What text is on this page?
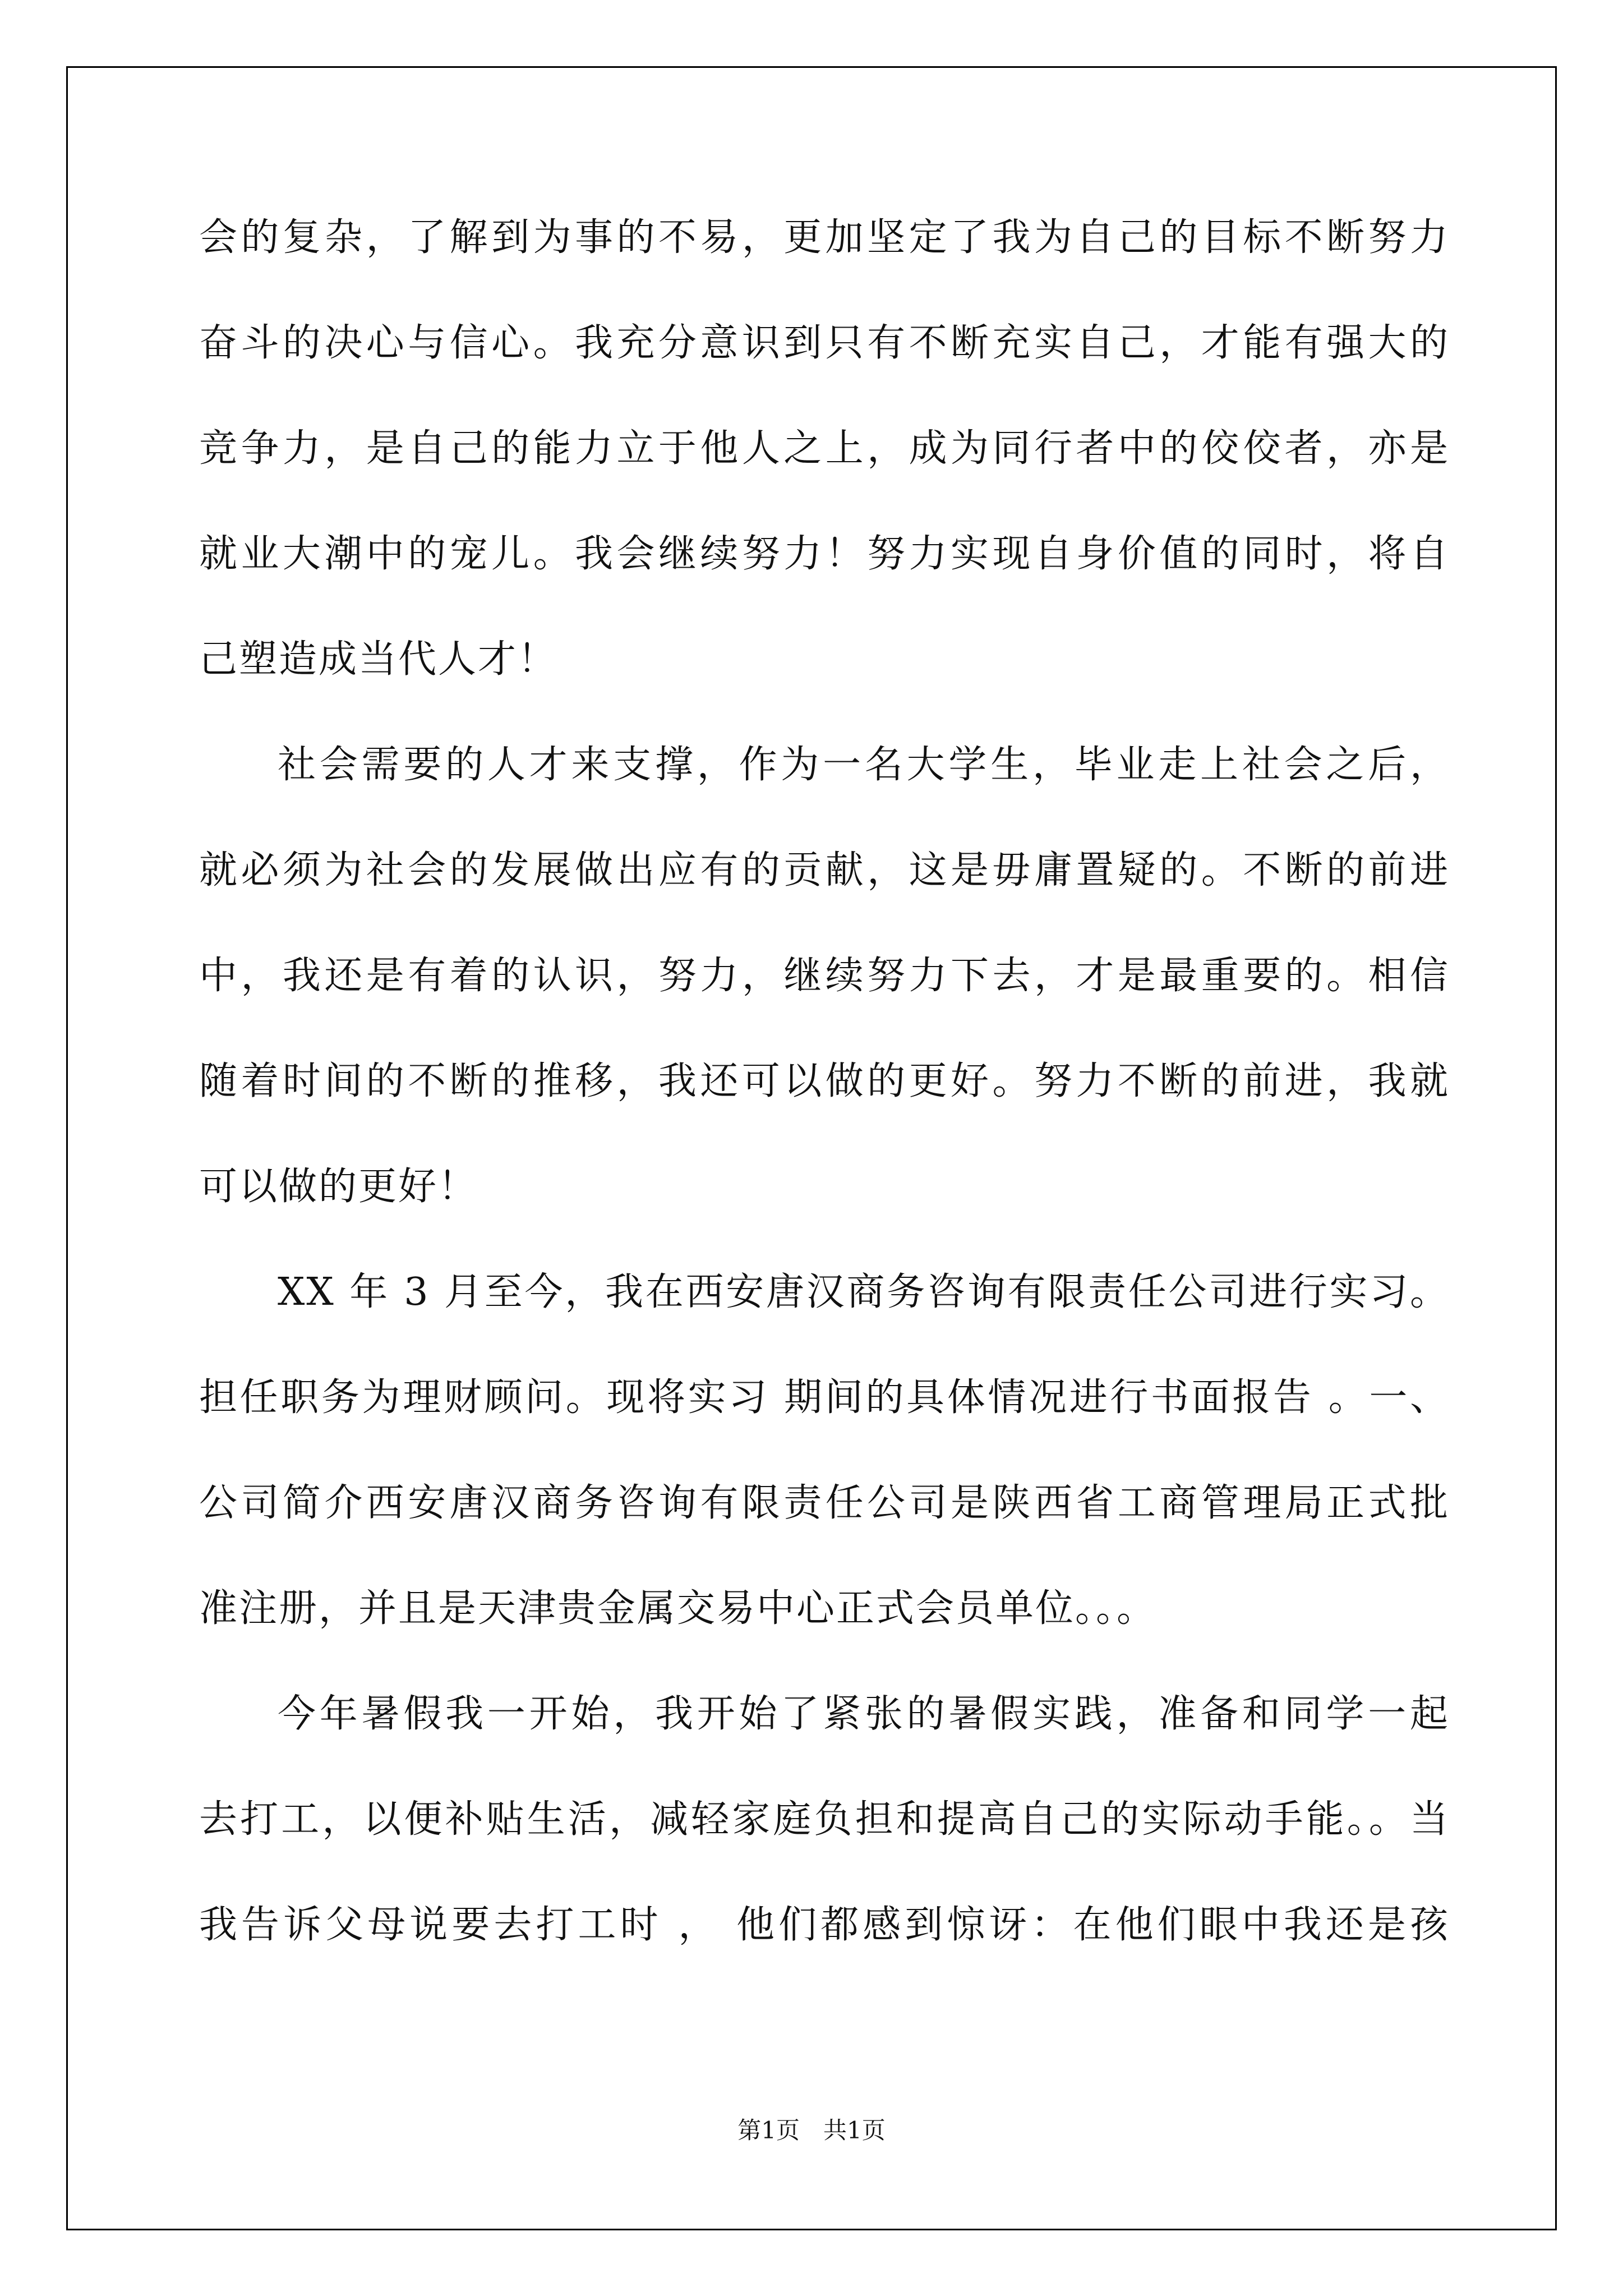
会的复杂，了解到为事的不易，更加坚定了我为自己的目标不断努力
奋斗的决心与信心。我充分意识到只有不断充实自己，才能有强大的
竞争力，是自己的能力立于他人之上，成为同行者中的佼佼者，亦是
就业大潮中的宠儿。我会继续努力！努力实现自身价值的同时，将自
己塑造成当代人才！
社会需要的人才来支撑，作为一名大学生，毕业走上社会之后，
就必须为社会的发展做出应有的贡献，这是毋庸置疑的。不断的前进
中，我还是有着的认识，努力，继续努力下去，才是最重要的。相信
随着时间的不断的推移，我还可以做的更好。努力不断的前进，我就
可以做的更好！
XX 年 3 月至今，我在西安唐汉商务咨询有限责任公司进行实习。
担任职务为理财顾问。现将实习 期间的具体情况进行书面报告 。一、
公司简介西安唐汉商务咨询有限责任公司是陕西省工商管理局正式批
准注册，并且是天津贵金属交易中心正式会员单位。。。
今年暑假我一开始，我开始了紧张的暑假实践，准备和同学一起
去打工，以便补贴生活，减轻家庭负担和提高自己的实际动手能。。当
我告诉父母说要去打工时 ， 他们都感到惊讶：在他们眼中我还是孩
第1页　共1页
